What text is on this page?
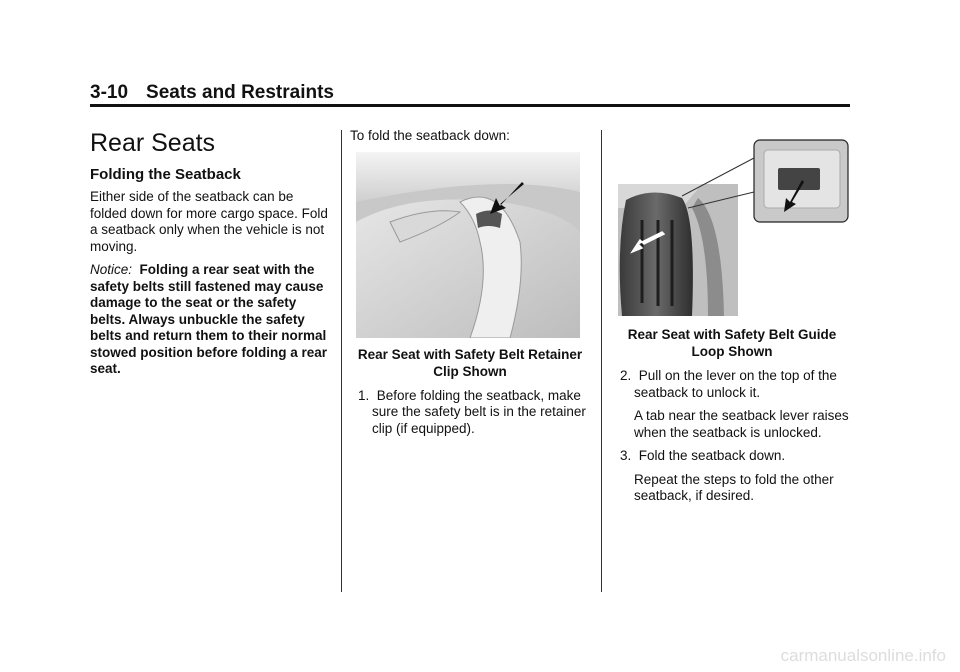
3-10 Seats and Restraints
Rear Seats
Folding the Seatback

Either side of the seatback can be folded down for more cargo space. Fold a seatback only when the vehicle is not moving.

Notice: Folding a rear seat with the safety belts still fastened may cause damage to the seat or the safety belts. Always unbuckle the safety belts and return them to their normal stowed position before folding a rear seat.

To fold the seatback down:

Rear Seat with Safety Belt Retainer Clip Shown
1. Before folding the seatback, make sure the safety belt is in the retainer clip (if equipped).
Rear Seat with Safety Belt Guide Loop Shown
2. Pull on the lever on the top of the seatback to unlock it.
A tab near the seatback lever raises when the seatback is unlocked.
3. Fold the seatback down.
Repeat the steps to fold the other seatback, if desired.
carmanualsonline.info
